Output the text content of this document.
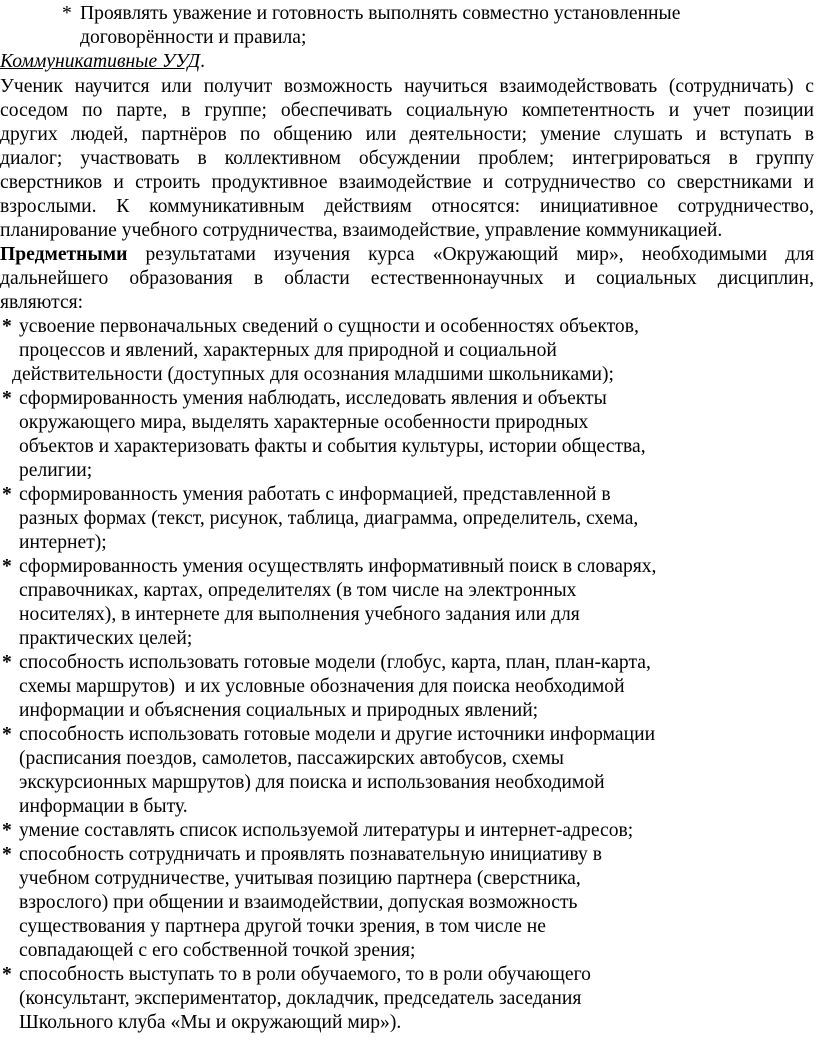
* Проявлять уважение и готовность выполнять совместно установленные
договорённости и правила;
Коммуникативные УУД.
Ученик научится или получит возможность научиться взаимодействовать (сотрудничать) с
соседом по парте, в группе; обеспечивать социальную компетентность и учет позиции
других людей, партнёров по общению или деятельности; умение слушать и вступать в
диалог; участвовать в коллективном обсуждении проблем; интегрироваться в группу
сверстников и строить продуктивное взаимодействие и сотрудничество со сверстниками и
взрослыми. К коммуникативным действиям относятся: инициативное сотрудничество,
планирование учебного сотрудничества, взаимодействие, управление коммуникацией.
Предметными результатами изучения курса «Окружающий мир», необходимыми для
дальнейшего образования в области естественнонаучных и социальных дисциплин,
являются:
* усвоение первоначальных сведений о сущности и особенностях объектов,
процессов и явлений, характерных для природной и социальной
действительности (доступных для осознания младшими школьниками);
* сформированность умения наблюдать, исследовать явления и объекты
окружающего мира, выделять характерные особенности природных
объектов и характеризовать факты и события культуры, истории общества,
религии;
* сформированность умения работать с информацией, представленной в
разных формах (текст, рисунок, таблица, диаграмма, определитель, схема,
интернет);
* сформированность умения осуществлять информативный поиск в словарях,
справочниках, картах, определителях (в том числе на электронных
носителях), в интернете для выполнения учебного задания или для
практических целей;
* способность использовать готовые модели (глобус, карта, план, план-карта,
схемы маршрутов)  и их условные обозначения для поиска необходимой
информации и объяснения социальных и природных явлений;
* способность использовать готовые модели и другие источники информации
(расписания поездов, самолетов, пассажирских автобусов, схемы
экскурсионных маршрутов) для поиска и использования необходимой
информации в быту.
* умение составлять список используемой литературы и интернет-адресов;
* способность сотрудничать и проявлять познавательную инициативу в
учебном сотрудничестве, учитывая позицию партнера (сверстника,
взрослого) при общении и взаимодействии, допуская возможность
существования у партнера другой точки зрения, в том числе не
совпадающей с его собственной точкой зрения;
* способность выступать то в роли обучаемого, то в роли обучающего
(консультант, экспериментатор, докладчик, председатель заседания
Школьного клуба «Мы и окружающий мир»).
